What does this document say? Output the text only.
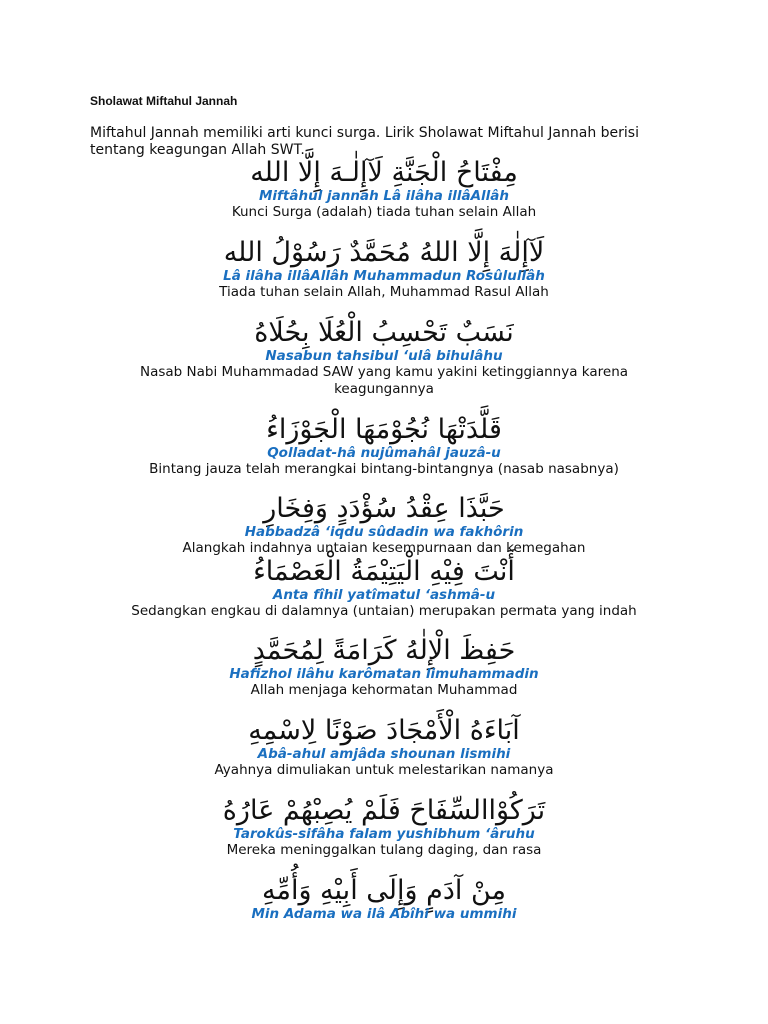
Sholawat Miftahul Jannah
Miftahul Jannah memiliki arti kunci surga. Lirik Sholawat Miftahul Jannah berisi tentang keagungan Allah SWT.
مِفْتَاحُ الْجَنَّةِ لَآإِلٰـهَ إِلَّا الله
Miftâhul jannah Lâ ilâha illâAllâh
Kunci Surga (adalah) tiada tuhan selain Allah
لَآإِلٰهَ إِلَّا اللهُ مُحَمَّدٌ رَسُوْلُ الله
Lâ ilâha illâAllâh Muhammadun Rosûlullâh
Tiada tuhan selain Allah, Muhammad Rasul Allah
نَسَبٌ تَحْسِبُ الْعُلَا بِحُلَاهُ
Nasabun tahsibul ‘ulâ bihulâhu
Nasab Nabi Muhammadad SAW yang kamu yakini ketinggiannya karena keagungannya
قَلَّدَتْهَا نُجُوْمَهَا الْجَوْزَاءُ
Qolladat-hâ nujûmahâl jauzâ-u
Bintang jauza telah merangkai bintang-bintangnya (nasab nasabnya)
حَبَّذَا عِقْدُ سُؤْدَدٍ وَفِخَارِ
Habbadzâ ‘iqdu sûdadin wa fakhôrin
Alangkah indahnya untaian kesempurnaan dan kemegahan
أَنْتَ فِيْهِ الْيَتِيْمَةُ الْعَصْمَاءُ
Anta fîhil yatîmatul ‘ashmâ-u
Sedangkan engkau di dalamnya (untaian) merupakan permata yang indah
حَفِظَ الْإِلٰهُ كَرَامَةً لِمُحَمَّدٍ
Hafizhol ilâhu karômatan limuhammadin
Allah menjaga kehormatan Muhammad
آبَاءَهُ الْأَمْجَادَ صَوْنًا لِاسْمِهِ
Abâ-ahul amjâda shounan lismihi
Ayahnya dimuliakan untuk melestarikan namanya
تَرَكُوْاالسِّفَاحَ فَلَمْ يُصِبْهُمْ عَارُهُ
Tarokûs-sifâha falam yushibhum ‘âruhu
Mereka meninggalkan tulang daging, dan rasa
مِنْ آدَمٍ وَإِلَى أَبِيْهِ وَأُمِّهِ
Min Adama wa ilâ Abîhi wa ummihi
